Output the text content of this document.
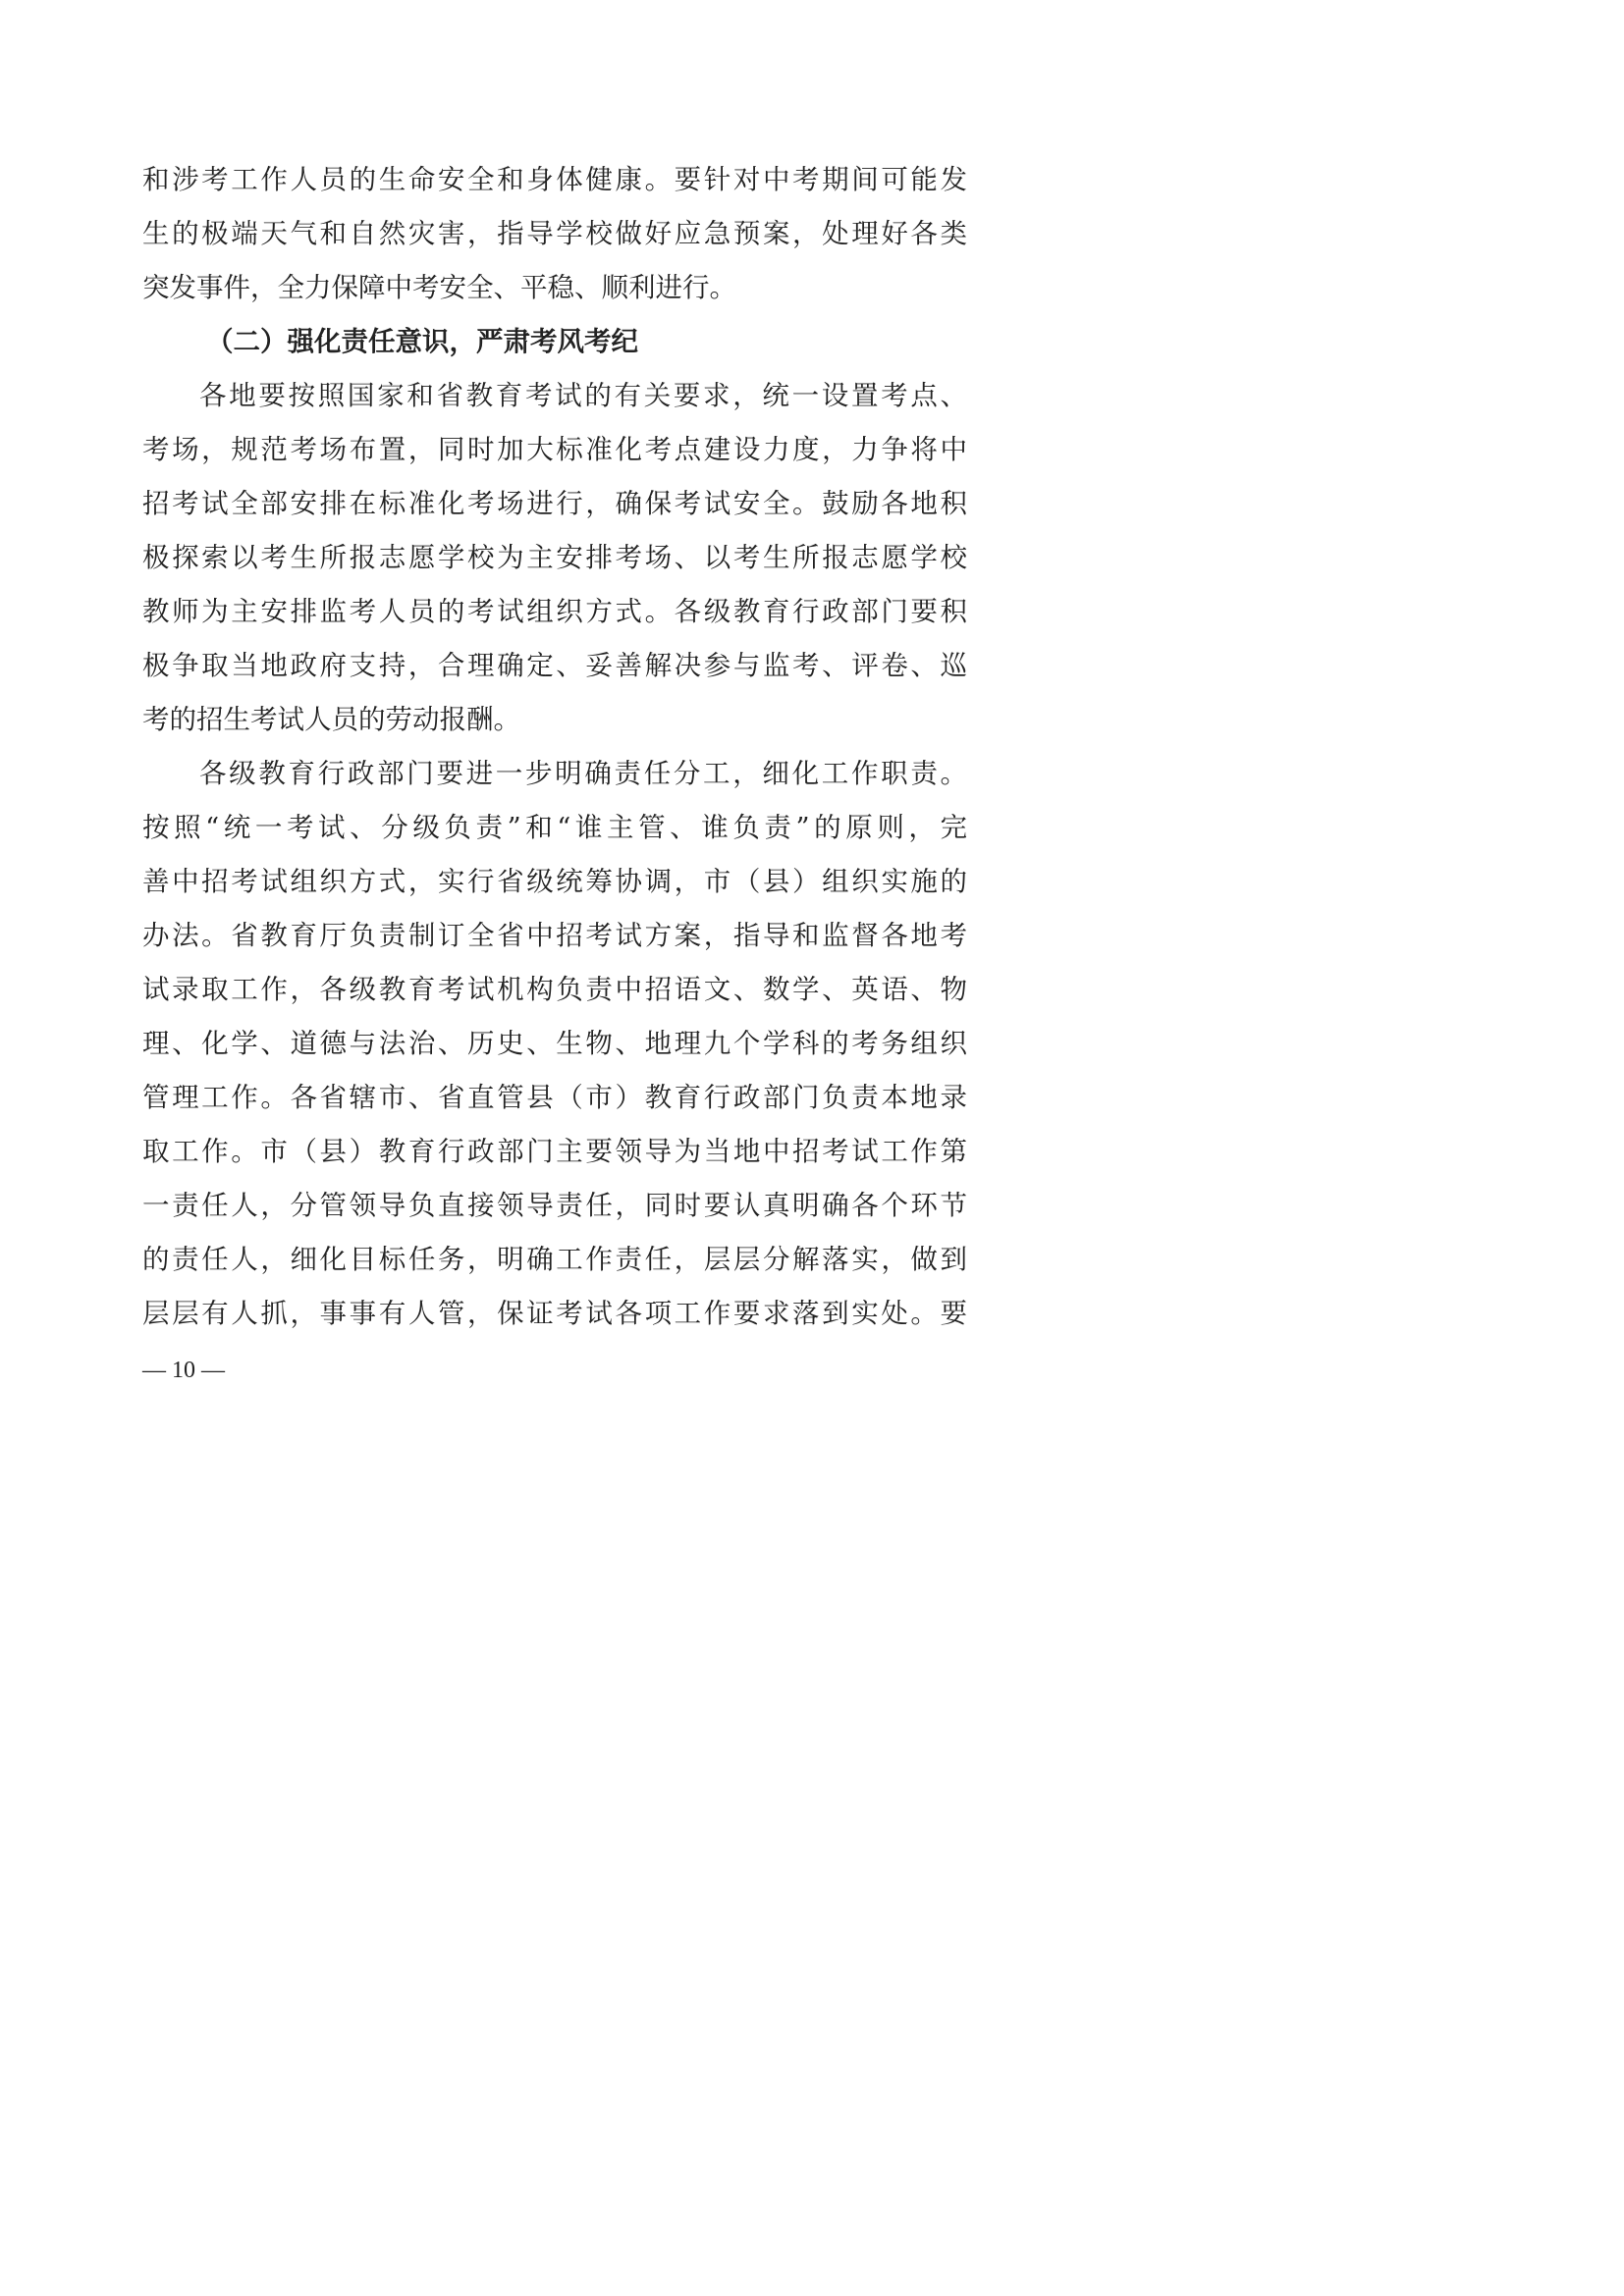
和涉考工作人员的生命安全和身体健康。要针对中考期间可能发
生的极端天气和自然灾害，指导学校做好应急预案，处理好各类
突发事件，全力保障中考安全、平稳、顺利进行。
（二）强化责任意识，严肃考风考纪
各地要按照国家和省教育考试的有关要求，统一设置考点、
考场，规范考场布置，同时加大标准化考点建设力度，力争将中
招考试全部安排在标准化考场进行，确保考试安全。鼓励各地积
极探索以考生所报志愿学校为主安排考场、以考生所报志愿学校
教师为主安排监考人员的考试组织方式。各级教育行政部门要积
极争取当地政府支持，合理确定、妥善解决参与监考、评卷、巡
考的招生考试人员的劳动报酬。
各级教育行政部门要进一步明确责任分工，细化工作职责。
按照“统一考试、分级负责”和“谁主管、谁负责”的原则，完
善中招考试组织方式，实行省级统筹协调，市（县）组织实施的
办法。省教育厅负责制订全省中招考试方案，指导和监督各地考
试录取工作，各级教育考试机构负责中招语文、数学、英语、物
理、化学、道德与法治、历史、生物、地理九个学科的考务组织
管理工作。各省辖市、省直管县（市）教育行政部门负责本地录
取工作。市（县）教育行政部门主要领导为当地中招考试工作第
一责任人，分管领导负直接领导责任，同时要认真明确各个环节
的责任人，细化目标任务，明确工作责任，层层分解落实，做到
层层有人抓，事事有人管，保证考试各项工作要求落到实处。要
— 10 —
